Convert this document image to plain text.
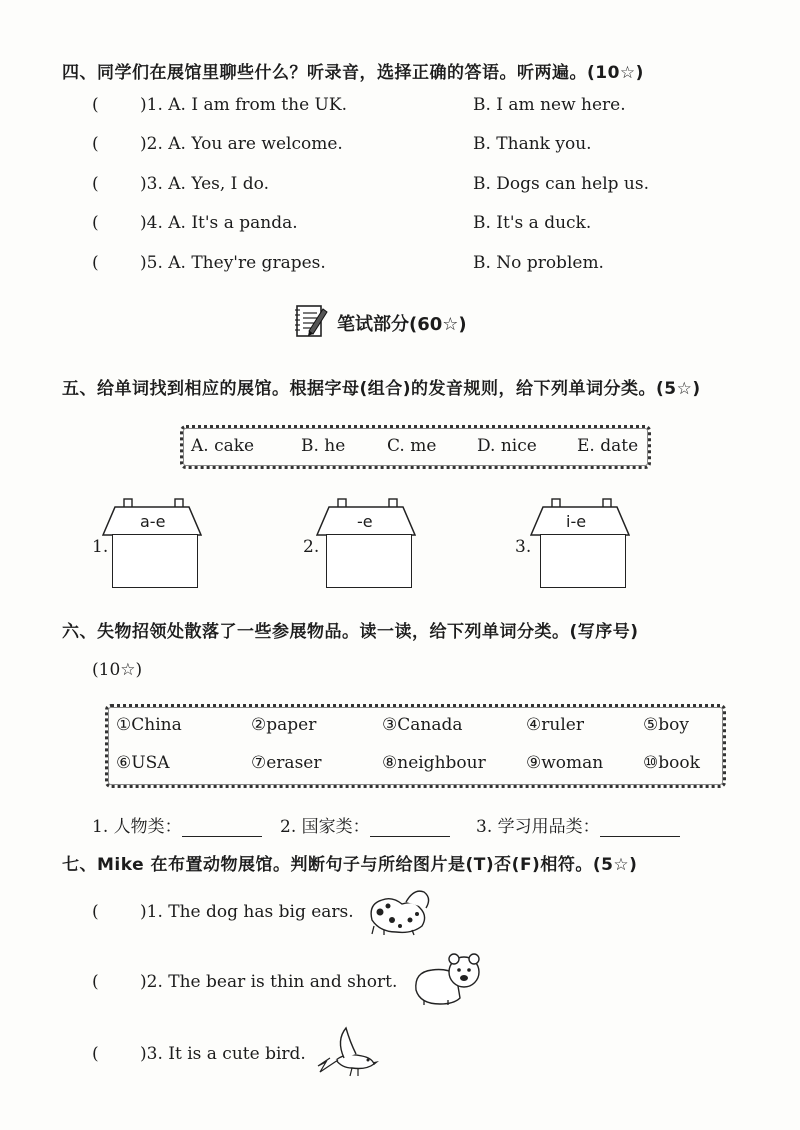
四、同学们在展馆里聊些什么？听录音，选择正确的答语。听两遍。(10☆)
( )1. A. I am from the UK.	B. I am new here.
( )2. A. You are welcome.	B. Thank you.
( )3. A. Yes, I do.	B. Dogs can help us.
( )4. A. It's a panda.	B. It's a duck.
( )5. A. They're grapes.	B. No problem.
笔试部分(60☆)
五、给单词找到相应的展馆。根据字母(组合)的发音规则，给下列单词分类。(5☆)
A. cake	B. he C. me D. nice E. date
1.
a-e
2.
-e
3.
i-e
六、失物招领处散落了一些参展物品。读一读，给下列单词分类。(写序号)
(10☆)
①China	②paper	③Canada	④ruler	⑤boy
⑥USA	⑦eraser	⑧neighbour ⑨woman ⑩book
1. 人物类：	2. 国家类：	3. 学习用品类：
七、Mike 在布置动物展馆。判断句子与所给图片是(T)否(F)相符。(5☆)
( )1. The dog has big ears.
( )2. The bear is thin and short.
( )3. It is a cute bird.
